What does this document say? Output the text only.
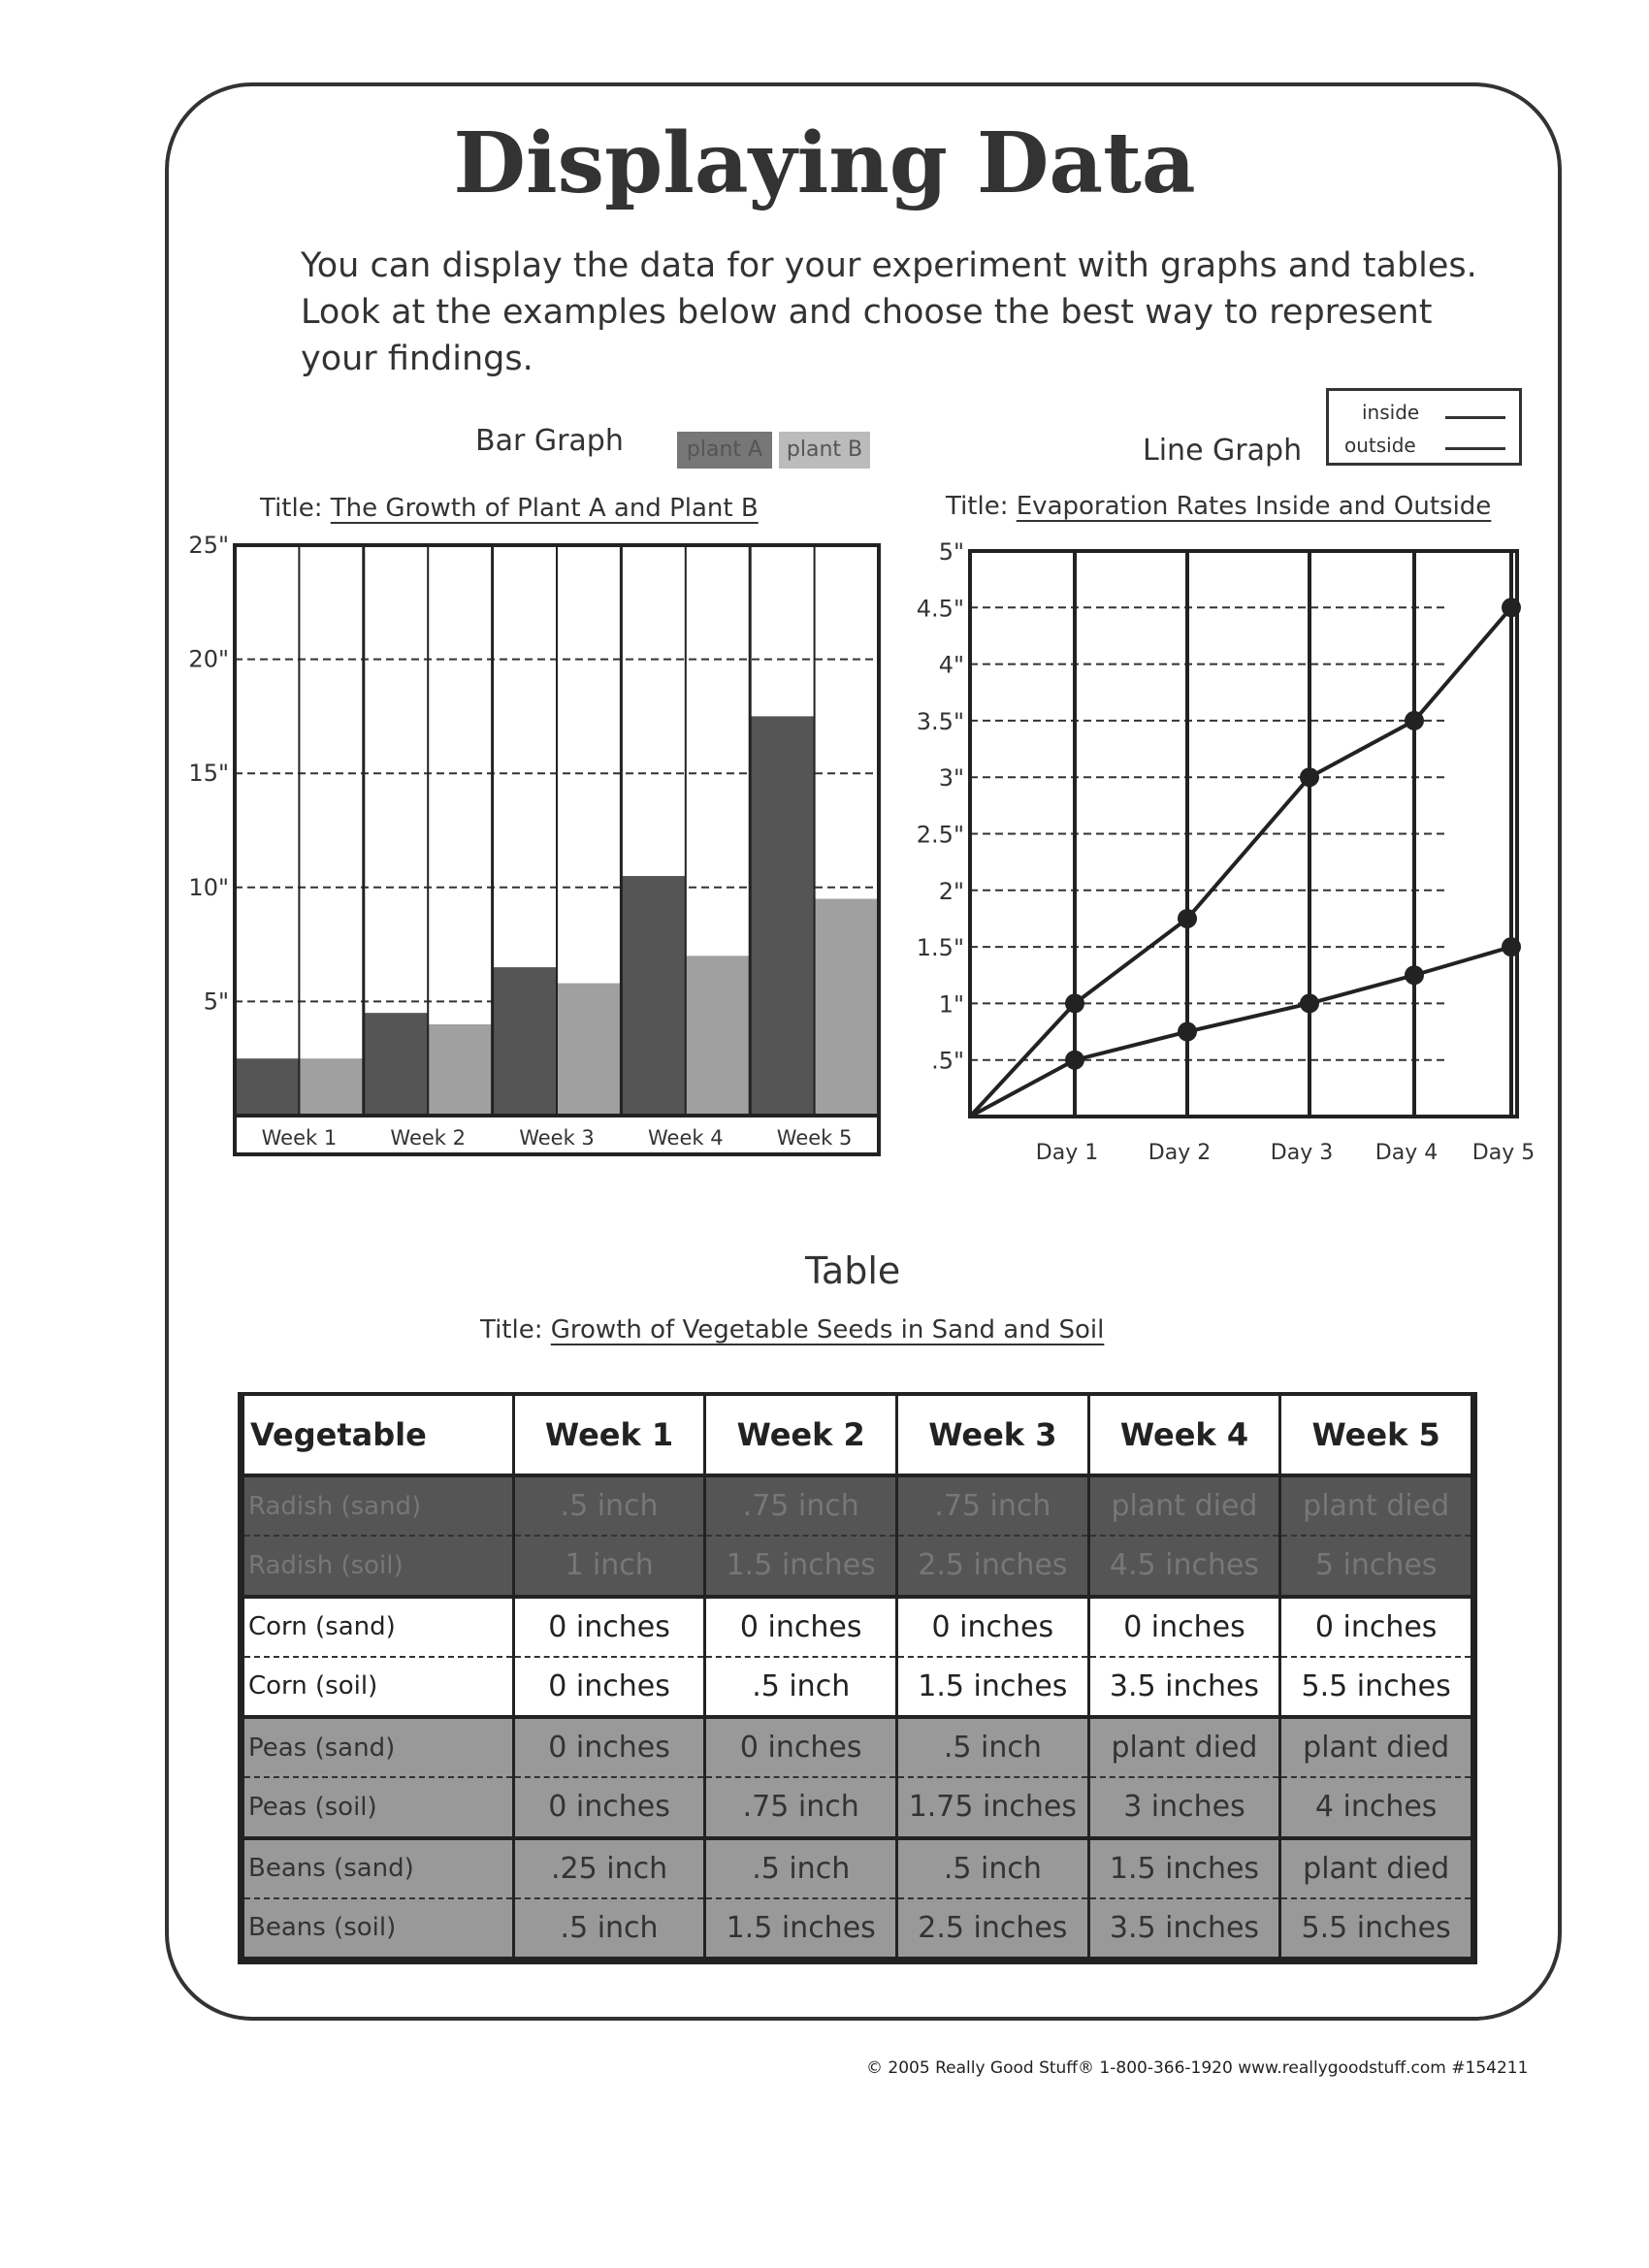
Displaying Data
You can display the data for your experiment with graphs and tables. Look at the examples below and choose the best way to represent your findings.
Bar Graph	plant A	plant B
Title: The Growth of Plant A and Plant B
Line Graph
inside
outside
Title: Evaporation Rates Inside and Outside
5"
10"
15"
20"
25"
Week 1	Week 2	Week 3	Week 4	Week 5
.5"
1"
1.5"
2"
2.5"
3"
3.5"
4"
4.5"
5"
Day 1 Day 2	Day 3 Day 4 Day 5
Table
Title: Growth of Vegetable Seeds in Sand and Soil
Vegetable	Week 1	Week 2	Week 3	Week 4	Week 5
Radish (sand)	.5 inch	.75 inch	.75 inch	plant died	plant died
Radish (soil)	1 inch	1.5 inches	2.5 inches	4.5 inches	5 inches
Corn (sand)	0 inches	0 inches	0 inches	0 inches	0 inches
Corn (soil)	0 inches	.5 inch	1.5 inches	3.5 inches	5.5 inches
Peas (sand)	0 inches	0 inches	.5 inch	plant died	plant died
Peas (soil)	0 inches	.75 inch	1.75 inches	3 inches	4 inches
Beans (sand)	.25 inch	.5 inch	.5 inch	1.5 inches	plant died
Beans (soil)	.5 inch	1.5 inches	2.5 inches	3.5 inches	5.5 inches
© 2005 Really Good Stuff® 1-800-366-1920 www.reallygoodstuff.com #154211
